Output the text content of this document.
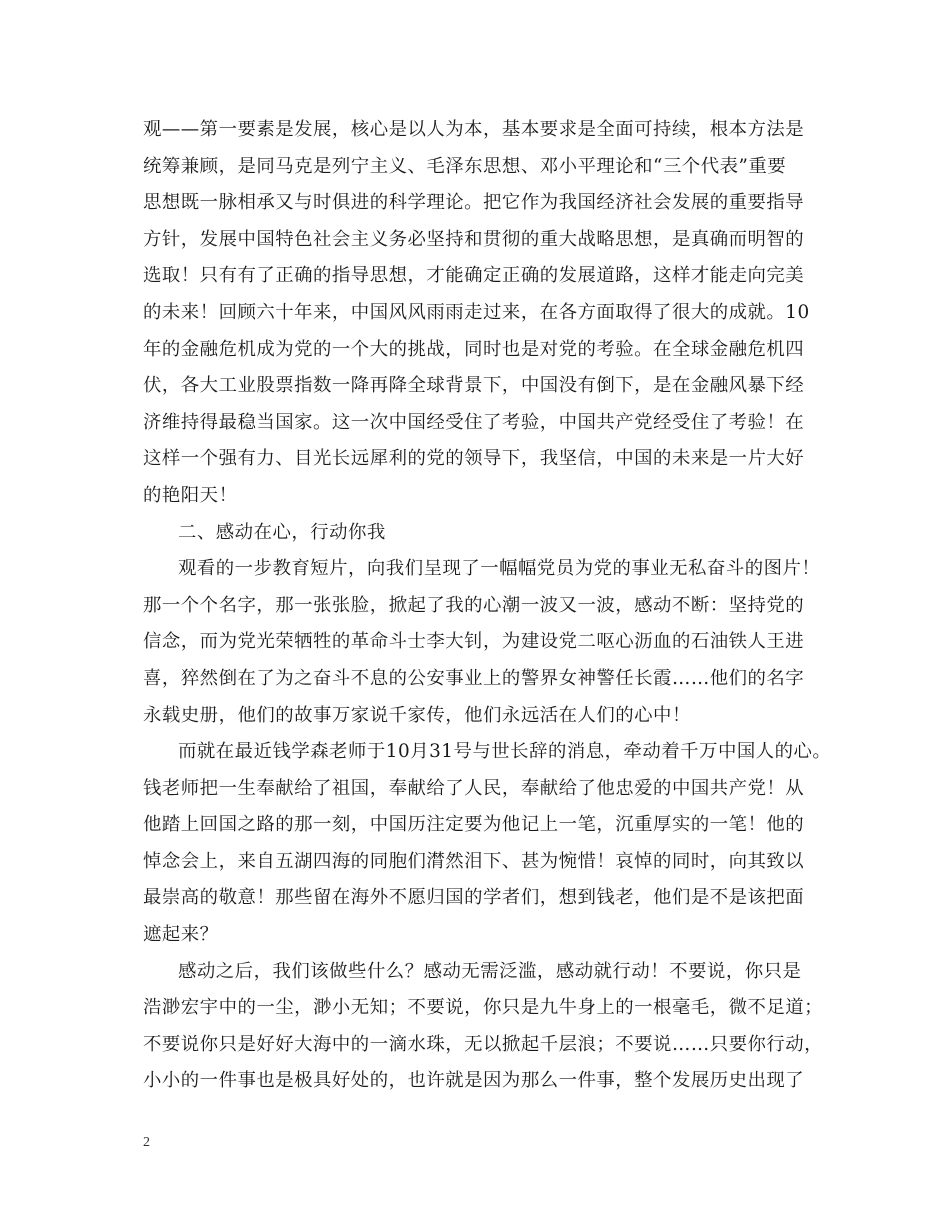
观——第一要素是发展，核心是以人为本，基本要求是全面可持续，根本方法是
统筹兼顾，是同马克是列宁主义、毛泽东思想、邓小平理论和“三个代表”重要
思想既一脉相承又与时俱进的科学理论。把它作为我国经济社会发展的重要指导
方针，发展中国特色社会主义务必坚持和贯彻的重大战略思想，是真确而明智的
选取！只有有了正确的指导思想，才能确定正确的发展道路，这样才能走向完美
的未来！回顾六十年来，中国风风雨雨走过来，在各方面取得了很大的成就。10
年的金融危机成为党的一个大的挑战，同时也是对党的考验。在全球金融危机四
伏，各大工业股票指数一降再降全球背景下，中国没有倒下，是在金融风暴下经
济维持得最稳当国家。这一次中国经受住了考验，中国共产党经受住了考验！在
这样一个强有力、目光长远犀利的党的领导下，我坚信，中国的未来是一片大好
的艳阳天！
二、感动在心，行动你我
观看的一步教育短片，向我们呈现了一幅幅党员为党的事业无私奋斗的图片！
那一个个名字，那一张张脸，掀起了我的心潮一波又一波，感动不断：坚持党的
信念，而为党光荣牺牲的革命斗士李大钊，为建设党二呕心沥血的石油铁人王进
喜，猝然倒在了为之奋斗不息的公安事业上的警界女神警任长霞……他们的名字
永载史册，他们的故事万家说千家传，他们永远活在人们的心中！
而就在最近钱学森老师于10月31号与世长辞的消息，牵动着千万中国人的心。
钱老师把一生奉献给了祖国，奉献给了人民，奉献给了他忠爱的中国共产党！从
他踏上回国之路的那一刻，中国历注定要为他记上一笔，沉重厚实的一笔！他的
悼念会上，来自五湖四海的同胞们潸然泪下、甚为惋惜！哀悼的同时，向其致以
最崇高的敬意！那些留在海外不愿归国的学者们，想到钱老，他们是不是该把面
遮起来？
感动之后，我们该做些什么？感动无需泛滥，感动就行动！不要说，你只是
浩渺宏宇中的一尘，渺小无知；不要说，你只是九牛身上的一根毫毛，微不足道；
不要说你只是好好大海中的一滴水珠，无以掀起千层浪；不要说……只要你行动，
小小的一件事也是极具好处的，也许就是因为那么一件事，整个发展历史出现了
2
